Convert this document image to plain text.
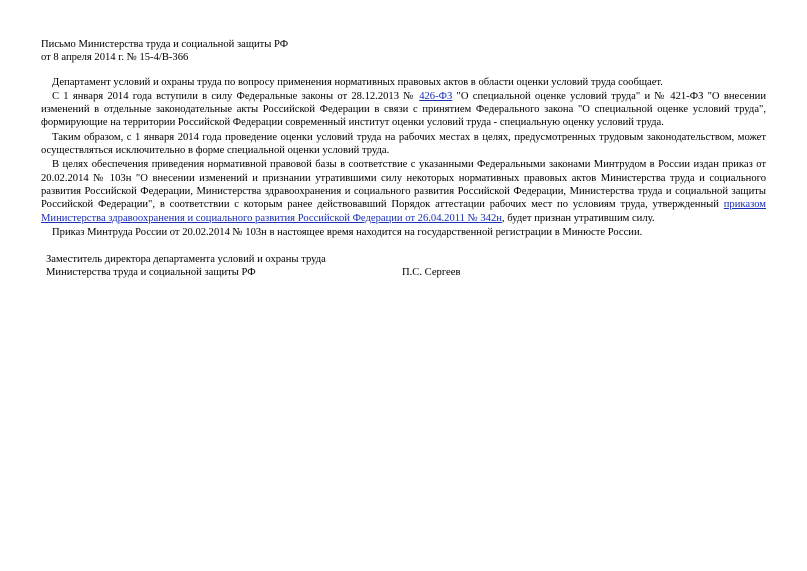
Письмо Министерства труда и социальной защиты РФ
от 8 апреля 2014 г. № 15-4/В-366

Департамент условий и охраны труда по вопросу применения нормативных правовых актов в области оценки условий труда сообщает.

С 1 января 2014 года вступили в силу Федеральные законы от 28.12.2013 № 426-ФЗ "О специальной оценке условий труда" и № 421-ФЗ "О внесении изменений в отдельные законодательные акты Российской Федерации в связи с принятием Федерального закона "О специальной оценке условий труда", формирующие на территории Российской Федерации современный институт оценки условий труда - специальную оценку условий труда.

Таким образом, с 1 января 2014 года проведение оценки условий труда на рабочих местах в целях, предусмотренных трудовым законодательством, может осуществляться исключительно в форме специальной оценки условий труда.

В целях обеспечения приведения нормативной правовой базы в соответствие с указанными Федеральными законами Минтрудом в России издан приказ от 20.02.2014 № 103н "О внесении изменений и признании утратившими силу некоторых нормативных правовых актов Министерства труда и социального развития Российской Федерации, Министерства здравоохранения и социального развития Российской Федерации, Министерства труда и социальной защиты Российской Федерации", в соответствии с которым ранее действовавший Порядок аттестации рабочих мест по условиям труда, утвержденный приказом Министерства здравоохранения и социального развития Российской Федерации от 26.04.2011 № 342н, будет признан утратившим силу.

Приказ Минтруда России от 20.02.2014 № 103н в настоящее время находится на государственной регистрации в Минюсте России.

Заместитель директора департамента условий и охраны труда
Министерства труда и социальной защиты РФ	П.С. Сергеев
